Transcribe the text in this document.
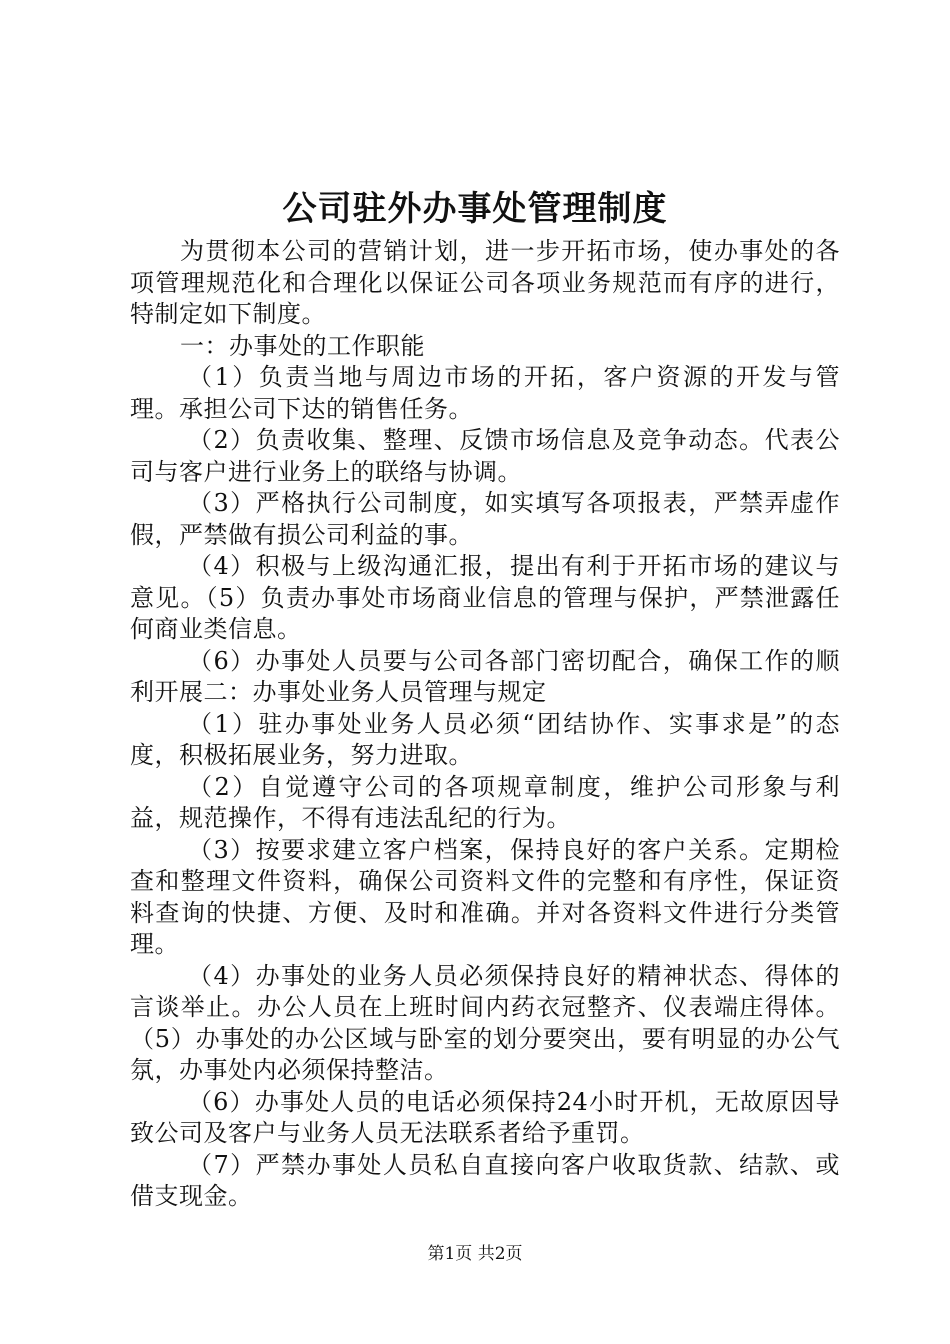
公司驻外办事处管理制度

为贯彻本公司的营销计划，进一步开拓市场，使办事处的各项管理规范化和合理化以保证公司各项业务规范而有序的进行，特制定如下制度。

一：办事处的工作职能

（1）负责当地与周边市场的开拓，客户资源的开发与管理。承担公司下达的销售任务。

（2）负责收集、整理、反馈市场信息及竞争动态。代表公司与客户进行业务上的联络与协调。

（3）严格执行公司制度，如实填写各项报表，严禁弄虚作假，严禁做有损公司利益的事。

（4）积极与上级沟通汇报，提出有利于开拓市场的建议与意见。（5）负责办事处市场商业信息的管理与保护，严禁泄露任何商业类信息。

（6）办事处人员要与公司各部门密切配合，确保工作的顺利开展二：办事处业务人员管理与规定

（1）驻办事处业务人员必须“团结协作、实事求是”的态度，积极拓展业务，努力进取。

（2）自觉遵守公司的各项规章制度，维护公司形象与利益，规范操作，不得有违法乱纪的行为。

（3）按要求建立客户档案，保持良好的客户关系。定期检查和整理文件资料，确保公司资料文件的完整和有序性，保证资料查询的快捷、方便、及时和准确。并对各资料文件进行分类管理。

（4）办事处的业务人员必须保持良好的精神状态、得体的言谈举止。办公人员在上班时间内药衣冠整齐、仪表端庄得体。（5）办事处的办公区域与卧室的划分要突出，要有明显的办公气氛，办事处内必须保持整洁。

（6）办事处人员的电话必须保持24小时开机，无故原因导致公司及客户与业务人员无法联系者给予重罚。

（7）严禁办事处人员私自直接向客户收取货款、结款、或借支现金。

第1页 共2页
